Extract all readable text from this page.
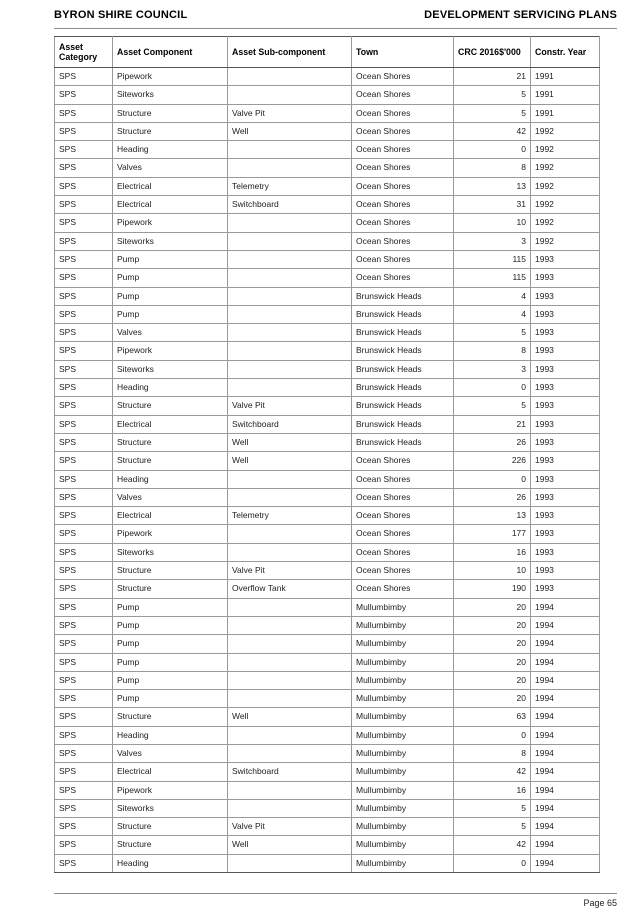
BYRON SHIRE COUNCIL	DEVELOPMENT SERVICING PLANS
Asset Category	Asset Component	Asset Sub-component	Town	CRC 2016$'000	Constr. Year
SPS	Pipework		Ocean Shores	21	1991
SPS	Siteworks		Ocean Shores	5	1991
SPS	Structure	Valve Pit	Ocean Shores	5	1991
SPS	Structure	Well	Ocean Shores	42	1992
SPS	Heading		Ocean Shores	0	1992
SPS	Valves		Ocean Shores	8	1992
SPS	Electrical	Telemetry	Ocean Shores	13	1992
SPS	Electrical	Switchboard	Ocean Shores	31	1992
SPS	Pipework		Ocean Shores	10	1992
SPS	Siteworks		Ocean Shores	3	1992
SPS	Pump		Ocean Shores	115	1993
SPS	Pump		Ocean Shores	115	1993
SPS	Pump		Brunswick Heads	4	1993
SPS	Pump		Brunswick Heads	4	1993
SPS	Valves		Brunswick Heads	5	1993
SPS	Pipework		Brunswick Heads	8	1993
SPS	Siteworks		Brunswick Heads	3	1993
SPS	Heading		Brunswick Heads	0	1993
SPS	Structure	Valve Pit	Brunswick Heads	5	1993
SPS	Electrical	Switchboard	Brunswick Heads	21	1993
SPS	Structure	Well	Brunswick Heads	26	1993
SPS	Structure	Well	Ocean Shores	226	1993
SPS	Heading		Ocean Shores	0	1993
SPS	Valves		Ocean Shores	26	1993
SPS	Electrical	Telemetry	Ocean Shores	13	1993
SPS	Pipework		Ocean Shores	177	1993
SPS	Siteworks		Ocean Shores	16	1993
SPS	Structure	Valve Pit	Ocean Shores	10	1993
SPS	Structure	Overflow Tank	Ocean Shores	190	1993
SPS	Pump		Mullumbimby	20	1994
SPS	Pump		Mullumbimby	20	1994
SPS	Pump		Mullumbimby	20	1994
SPS	Pump		Mullumbimby	20	1994
SPS	Pump		Mullumbimby	20	1994
SPS	Pump		Mullumbimby	20	1994
SPS	Structure	Well	Mullumbimby	63	1994
SPS	Heading		Mullumbimby	0	1994
SPS	Valves		Mullumbimby	8	1994
SPS	Electrical	Switchboard	Mullumbimby	42	1994
SPS	Pipework		Mullumbimby	16	1994
SPS	Siteworks		Mullumbimby	5	1994
SPS	Structure	Valve Pit	Mullumbimby	5	1994
SPS	Structure	Well	Mullumbimby	42	1994
SPS	Heading		Mullumbimby	0	1994
Page 65
